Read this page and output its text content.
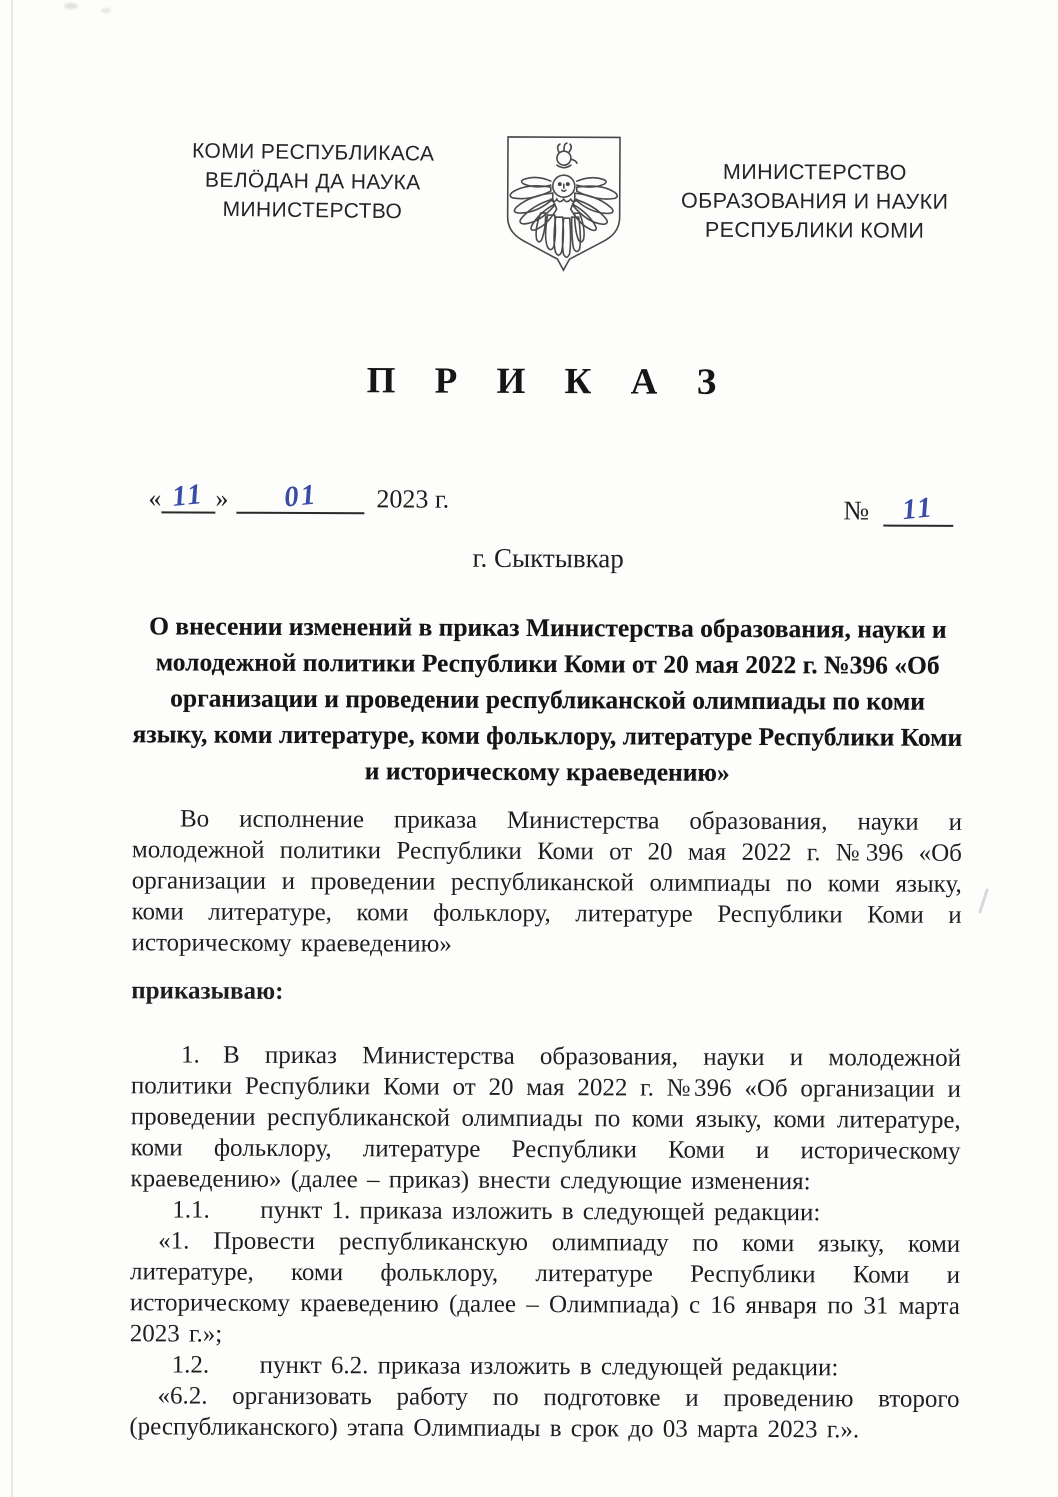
КОМИ РЕСПУБЛИКАСА
ВЕЛÖДАН ДА НАУКА
МИНИСТЕРСТВО
МИНИСТЕРСТВО
ОБРАЗОВАНИЯ И НАУКИ
РЕСПУБЛИКИ КОМИ
П Р И К А З
« 11 » 01 2023 г.	№ 11
г. Сыктывкар
О внесении изменений в приказ Министерства образования, науки и молодежной политики Республики Коми от 20 мая 2022 г. №396 «Об организации и проведении республиканской олимпиады по коми языку, коми литературе, коми фольклору, литературе Республики Коми и историческому краеведению»

Во исполнение приказа Министерства образования, науки и молодежной политики Республики Коми от 20 мая 2022 г. №396 «Об организации и проведении республиканской олимпиады по коми языку, коми литературе, коми фольклору, литературе Республики Коми и историческому краеведению»

приказываю:

1. В приказ Министерства образования, науки и молодежной политики Республики Коми от 20 мая 2022 г. №396 «Об организации и проведении республиканской олимпиады по коми языку, коми литературе, коми фольклору, литературе Республики Коми и историческому краеведению» (далее – приказ) внести следующие изменения:

1.1. пункт 1. приказа изложить в следующей редакции:

«1. Провести республиканскую олимпиаду по коми языку, коми литературе, коми фольклору, литературе Республики Коми и историческому краеведению (далее – Олимпиада) с 16 января по 31 марта 2023 г.»;

1.2. пункт 6.2. приказа изложить в следующей редакции:

«6.2. организовать работу по подготовке и проведению второго (республиканского) этапа Олимпиады в срок до 03 марта 2023 г.».
